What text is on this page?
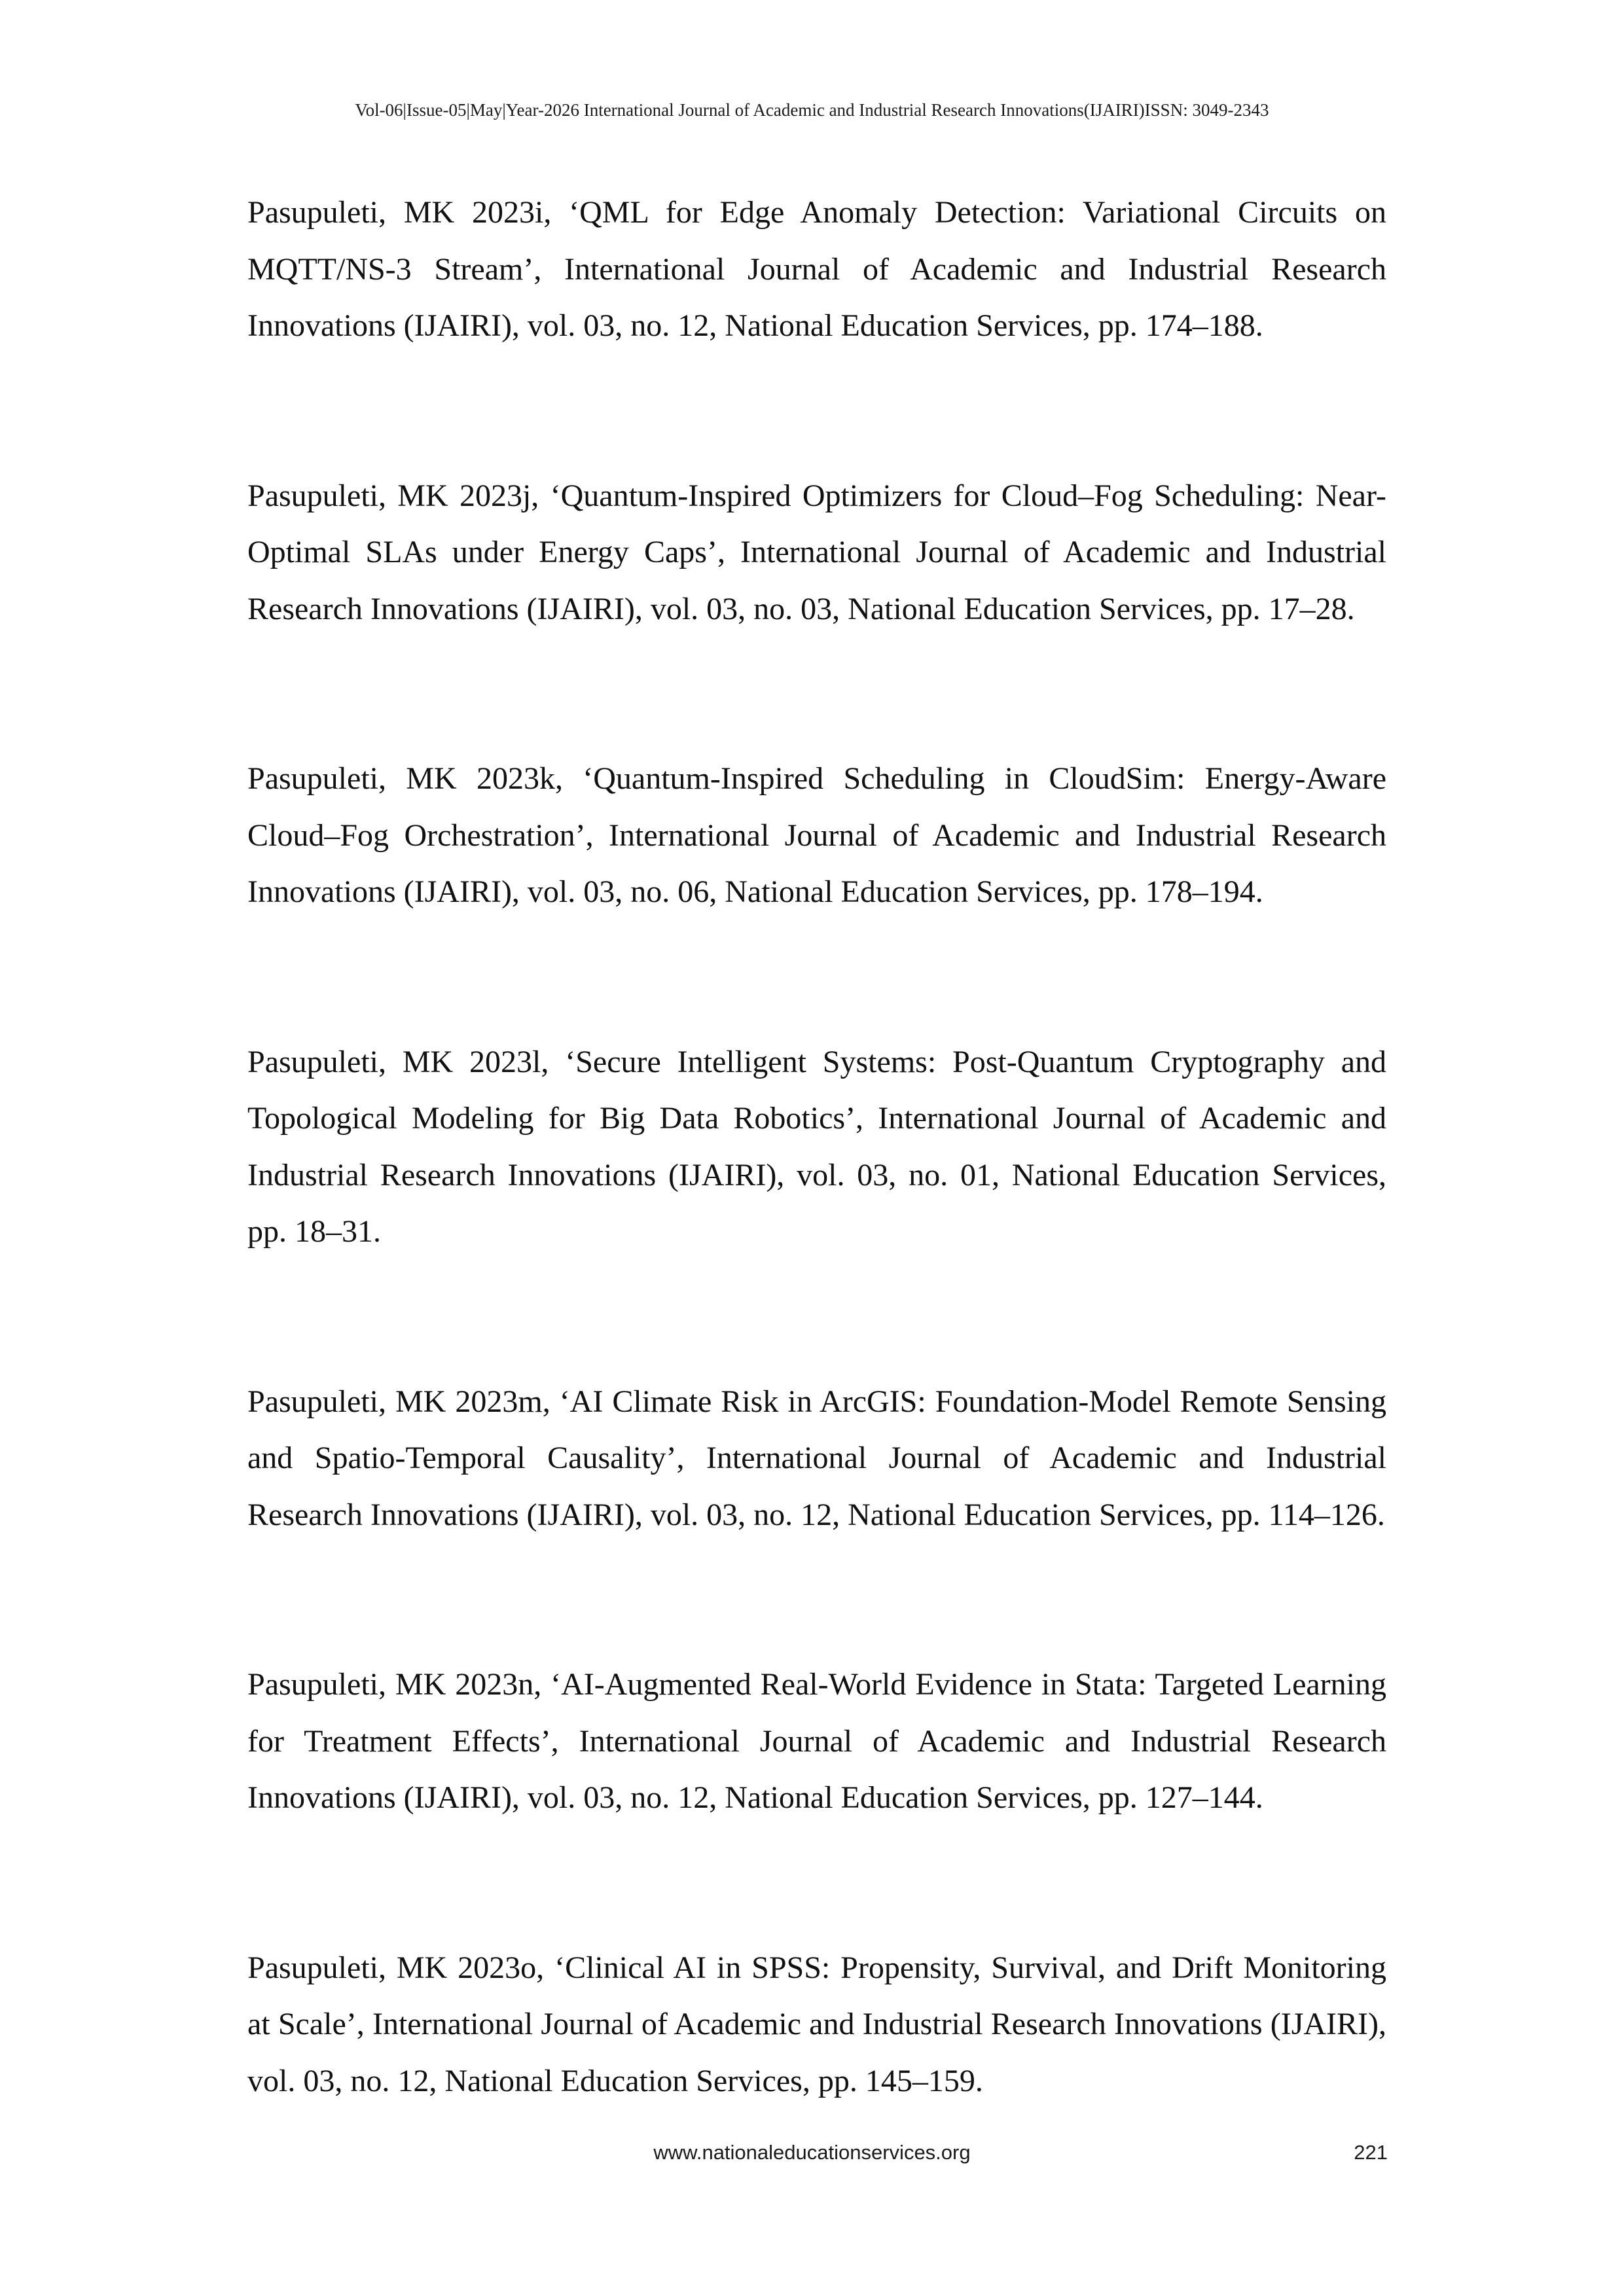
Vol-06|Issue-05|May|Year-2026 International Journal of Academic and Industrial Research Innovations(IJAIRI)ISSN: 3049-2343

Pasupuleti, MK 2023i, ‘QML for Edge Anomaly Detection: Variational Circuits on MQTT/NS-3 Stream’, International Journal of Academic and Industrial Research Innovations (IJAIRI), vol. 03, no. 12, National Education Services, pp. 174–188.

Pasupuleti, MK 2023j, ‘Quantum-Inspired Optimizers for Cloud–Fog Scheduling: Near-Optimal SLAs under Energy Caps’, International Journal of Academic and Industrial Research Innovations (IJAIRI), vol. 03, no. 03, National Education Services, pp. 17–28.

Pasupuleti, MK 2023k, ‘Quantum-Inspired Scheduling in CloudSim: Energy-Aware Cloud–Fog Orchestration’, International Journal of Academic and Industrial Research Innovations (IJAIRI), vol. 03, no. 06, National Education Services, pp. 178–194.

Pasupuleti, MK 2023l, ‘Secure Intelligent Systems: Post-Quantum Cryptography and Topological Modeling for Big Data Robotics’, International Journal of Academic and Industrial Research Innovations (IJAIRI), vol. 03, no. 01, National Education Services, pp. 18–31.

Pasupuleti, MK 2023m, ‘AI Climate Risk in ArcGIS: Foundation-Model Remote Sensing and Spatio-Temporal Causality’, International Journal of Academic and Industrial Research Innovations (IJAIRI), vol. 03, no. 12, National Education Services, pp. 114–126.

Pasupuleti, MK 2023n, ‘AI-Augmented Real-World Evidence in Stata: Targeted Learning for Treatment Effects’, International Journal of Academic and Industrial Research Innovations (IJAIRI), vol. 03, no. 12, National Education Services, pp. 127–144.

Pasupuleti, MK 2023o, ‘Clinical AI in SPSS: Propensity, Survival, and Drift Monitoring at Scale’, International Journal of Academic and Industrial Research Innovations (IJAIRI), vol. 03, no. 12, National Education Services, pp. 145–159.

www.nationaleducationservices.org	221
